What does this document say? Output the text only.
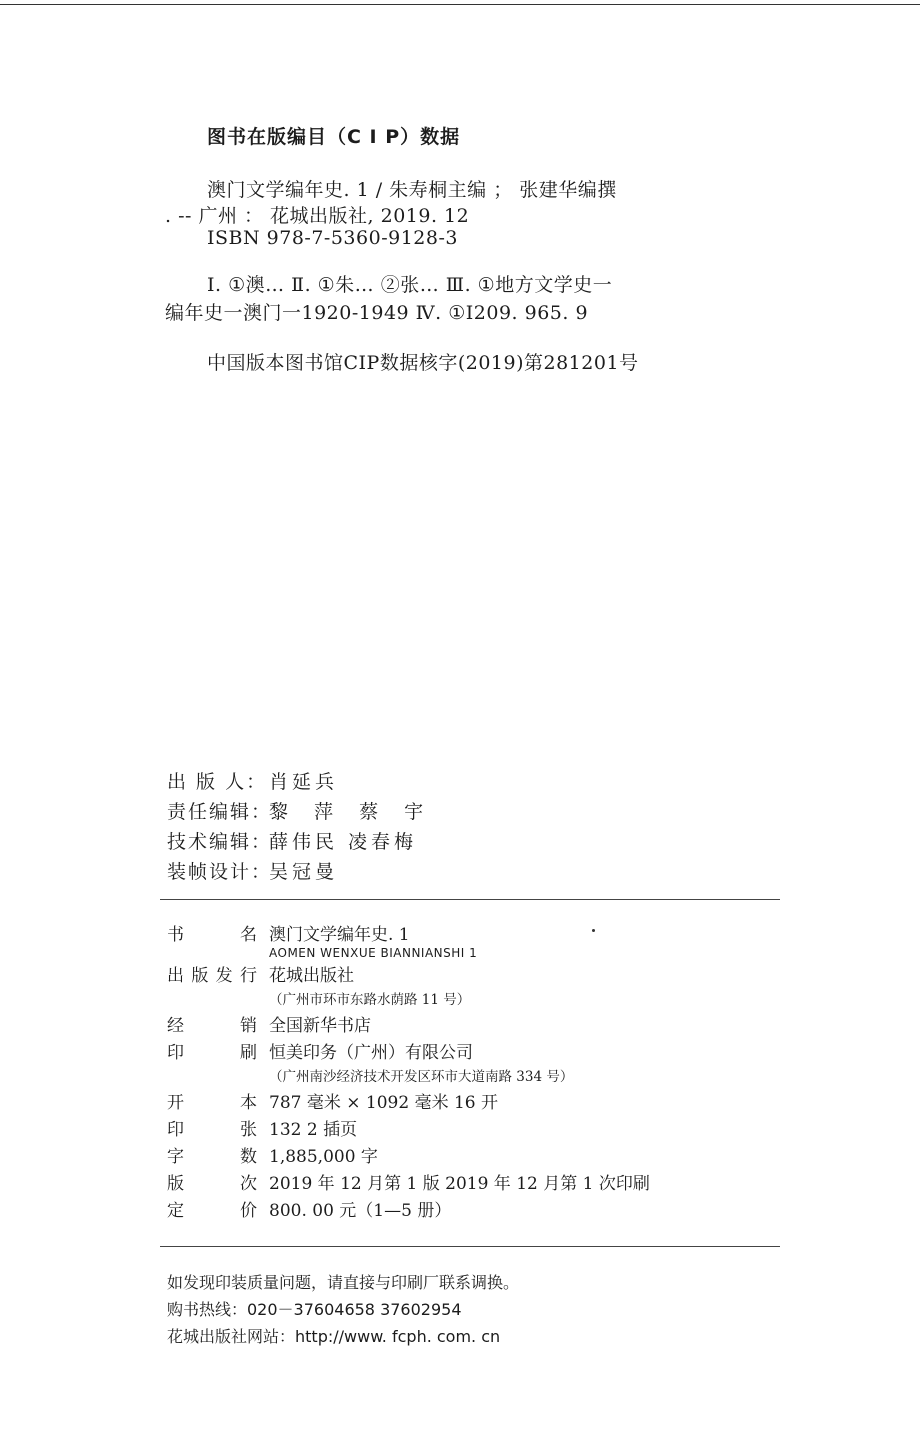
图书在版编目（C I P）数据
澳门文学编年史. 1 / 朱寿桐主编 ； 张建华编撰
. -- 广州 ： 花城出版社, 2019. 12
ISBN 978-7-5360-9128-3
Ⅰ. ①澳… Ⅱ. ①朱… ②张… Ⅲ. ①地方文学史一
编年史一澳门一1920-1949 Ⅳ. ①I209. 965. 9
中国版本图书馆CIP数据核字(2019)第281201号
出 版 人： 肖延兵
责任编辑：黎 萍 蔡 宇
技术编辑：薛伟民 凌春梅
装帧设计：吴冠曼
书名	澳门文学编年史. 1
AOMEN WENXUE BIANNIANSHI 1

出版发行	花城出版社
（广州市环市东路水荫路 11 号）

经销	全国新华书店
印刷	恒美印务（广州）有限公司
（广州南沙经济技术开发区环市大道南路 334 号）

开本	787 毫米 × 1092 毫米 16 开
印张	132 2 插页
字数	1,885,000 字
版次	2019 年 12 月第 1 版 2019 年 12 月第 1 次印刷
定价	800. 00 元（1—5 册）
如发现印装质量问题，请直接与印刷厂联系调换。
购书热线：020－37604658 37602954
花城出版社网站：http://www. fcph. com. cn
